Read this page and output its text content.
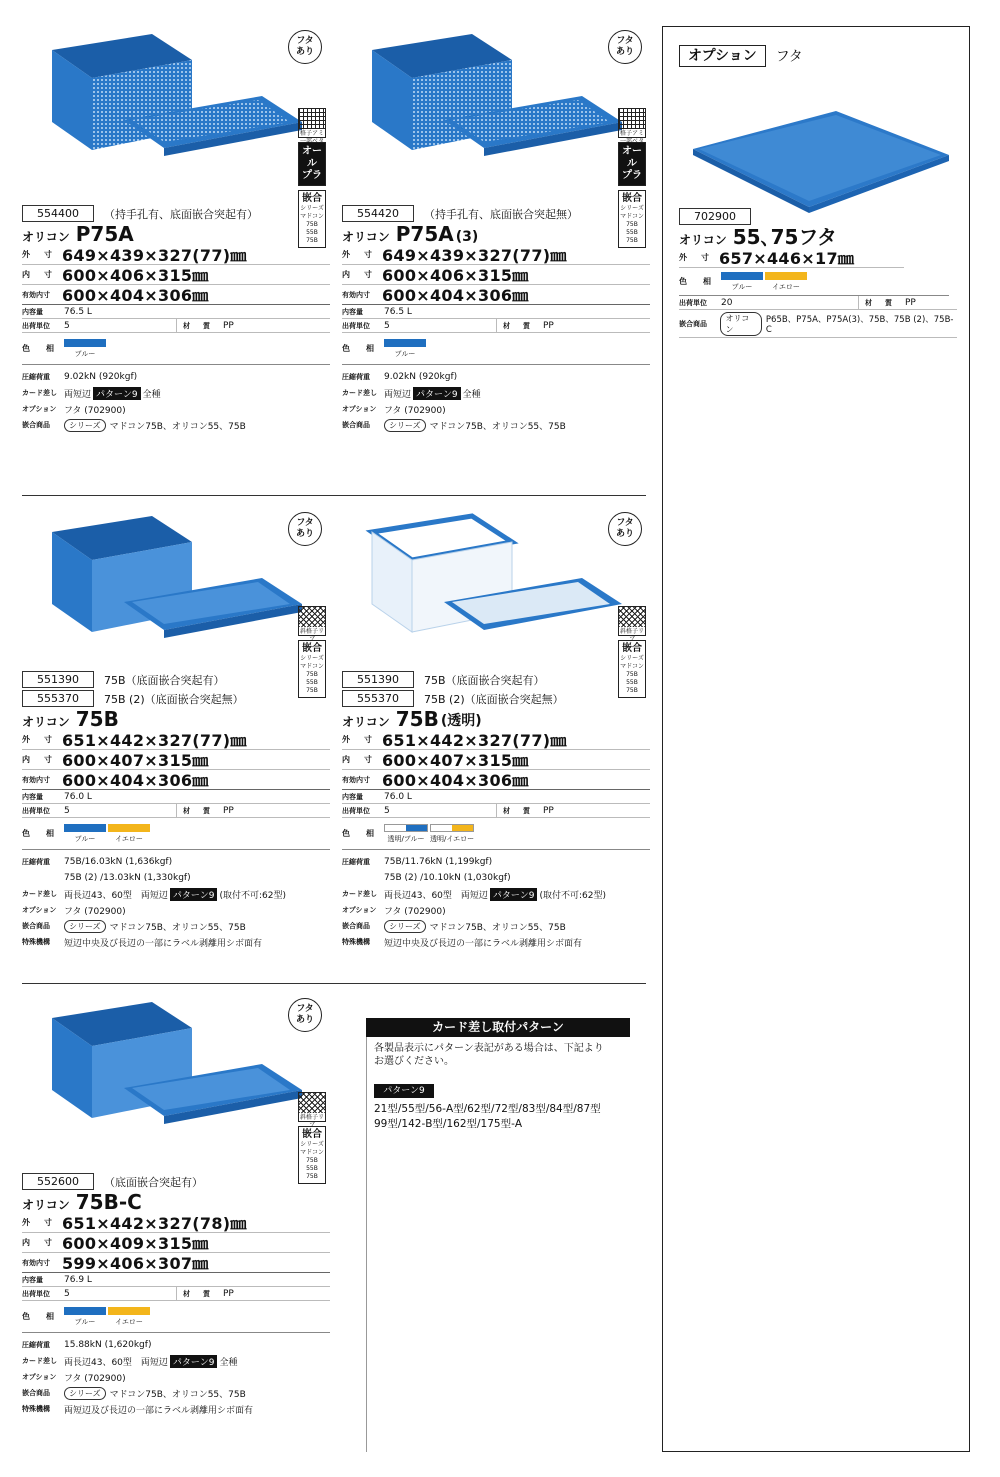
フタ
あり
格子アミ
一部ベタ
オール
プラ
嵌合
シリーズ
マドコン75B
55B
75B
554400	（持手孔有、底面嵌合突起有）
オリコン P75A
外　寸 649×439×327(77)㎜
内　寸 600×406×315㎜
有効内寸 600×404×306㎜
内容量	76.5 L
出荷単位	5	材　質	PP
色　相
ブルー
圧縮荷重	9.02kN (920kgf)
カード差し 両短辺 パターン9 全種
オプション フタ (702900)
嵌合商品	シリーズ	マドコン75B、オリコン55、75B
フタ
あり
格子アミ
一部ベタ
オール
プラ
嵌合
シリーズ
マドコン75B
55B
75B
554420	（持手孔有、底面嵌合突起無）
オリコン P75A (3)
外　寸 649×439×327(77)㎜
内　寸 600×406×315㎜
有効内寸 600×404×306㎜
内容量	76.5 L
出荷単位	5	材　質	PP
色　相
ブルー
圧縮荷重	9.02kN (920kgf)
カード差し 両短辺 パターン9 全種
オプション フタ (702900)
嵌合商品	シリーズ	マドコン75B、オリコン55、75B
フタ
あり
斜格子リブ
嵌合
シリーズ
マドコン75B
55B
75B
551390	75B（底面嵌合突起有）
555370	75B (2)（底面嵌合突起無）
オリコン 75B
外　寸 651×442×327(77)㎜
内　寸 600×407×315㎜
有効内寸 600×404×306㎜
内容量	76.0 L
出荷単位	5	材　質	PP
色　相
ブルー	イエロー
圧縮荷重	75B/16.03kN (1,636kgf)
75B (2) /13.03kN (1,330kgf)
カード差し 両長辺43、60型　両短辺 パターン9 (取付不可:62型)
オプション フタ (702900)
嵌合商品	シリーズ	マドコン75B、オリコン55、75B
特殊機構	短辺中央及び長辺の一部にラベル剥離用シボ面有
フタ
あり
斜格子リブ
嵌合
シリーズ
マドコン75B
55B
75B
551390	75B（底面嵌合突起有）
555370	75B (2)（底面嵌合突起無）
オリコン 75B (透明)
外　寸 651×442×327(77)㎜
内　寸 600×407×315㎜
有効内寸 600×404×306㎜
内容量	76.0 L
出荷単位	5	材　質	PP
色　相
透明/ブルー 透明/イエロー
圧縮荷重	75B/11.76kN (1,199kgf)
75B (2) /10.10kN (1,030kgf)
カード差し 両長辺43、60型　両短辺 パターン9 (取付不可:62型)
オプション フタ (702900)
嵌合商品	シリーズ	マドコン75B、オリコン55、75B
特殊機構	短辺中央及び長辺の一部にラベル剥離用シボ面有
フタ
あり
斜格子リブ
嵌合
シリーズ
マドコン75B
55B
75B
552600	（底面嵌合突起有）
オリコン 75B-C
外　寸 651×442×327(78)㎜
内　寸 600×409×315㎜
有効内寸 599×406×307㎜
内容量	76.9 L
出荷単位	5	材　質	PP
色　相
ブルー	イエロー
圧縮荷重	15.88kN (1,620kgf)
カード差し 両長辺43、60型　両短辺 パターン9 全種
オプション フタ (702900)
嵌合商品	シリーズ	マドコン75B、オリコン55、75B
特殊機構	両短辺及び長辺の一部にラベル剥離用シボ面有
オプション	フタ
702900
オリコン 55､75フタ
外　寸 657×446×17㎜
色　相
ブルー	イエロー
出荷単位	20	材　質	PP
嵌合商品
オリコン
P65B、P75A、P75A(3)、75B、75B (2)、75B-C
カード差し取付パターン
各製品表示にパターン表記がある場合は、下記より
お選びください。
パターン9
21型/55型/56-A型/62型/72型/83型/84型/87型
99型/142-B型/162型/175型-A
